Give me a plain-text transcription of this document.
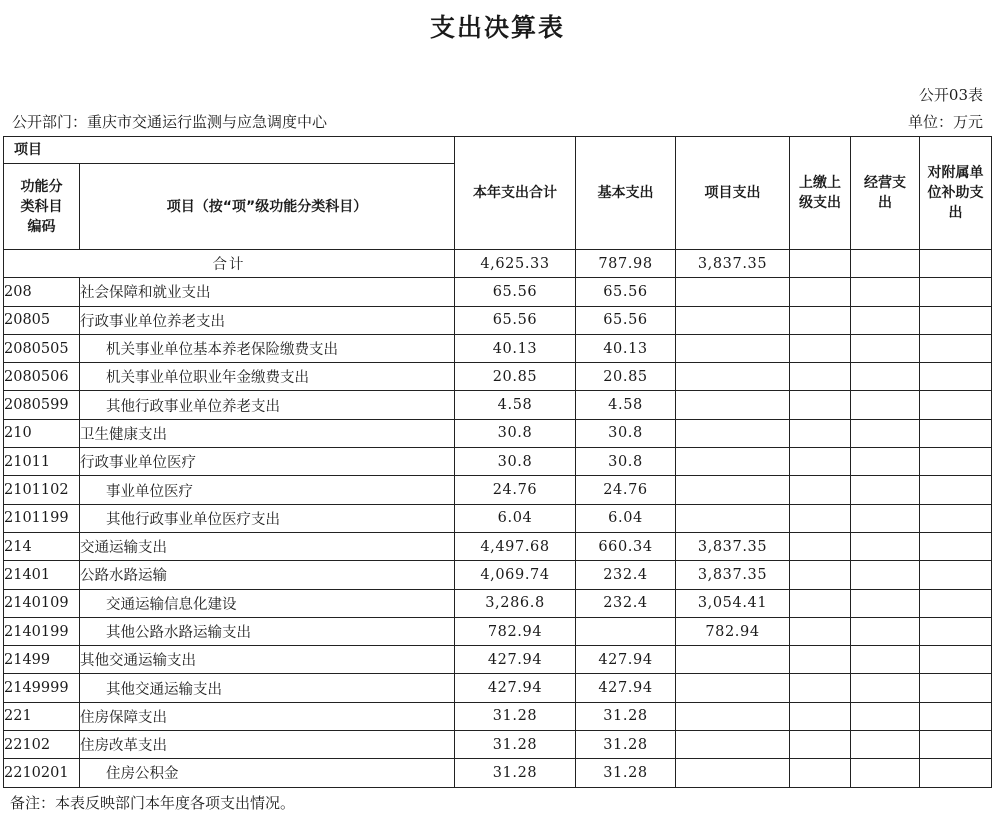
支出决算表
公开03表
公开部门：重庆市交通运行监测与应急调度中心	单位：万元
项目		本年支出合计	基本支出	项目支出	上缴上级支出	经营支出	对附属单位补助支出
功能分类科目编码	项目（按“项”级功能分类科目）						
合计		4,625.33	787.98	3,837.35			
208	社会保障和就业支出	65.56	65.56				
20805	行政事业单位养老支出	65.56	65.56				
2080505	机关事业单位基本养老保险缴费支出	40.13	40.13				
2080506	机关事业单位职业年金缴费支出	20.85	20.85				
2080599	其他行政事业单位养老支出	4.58	4.58				
210	卫生健康支出	30.8	30.8				
21011	行政事业单位医疗	30.8	30.8				
2101102	事业单位医疗	24.76	24.76				
2101199	其他行政事业单位医疗支出	6.04	6.04				
214	交通运输支出	4,497.68	660.34	3,837.35			
21401	公路水路运输	4,069.74	232.4	3,837.35			
2140109	交通运输信息化建设	3,286.8	232.4	3,054.41			
2140199	其他公路水路运输支出	782.94		782.94			
21499	其他交通运输支出	427.94	427.94				
2149999	其他交通运输支出	427.94	427.94				
221	住房保障支出	31.28	31.28				
22102	住房改革支出	31.28	31.28				
2210201	住房公积金	31.28	31.28				
备注：本表反映部门本年度各项支出情况。
